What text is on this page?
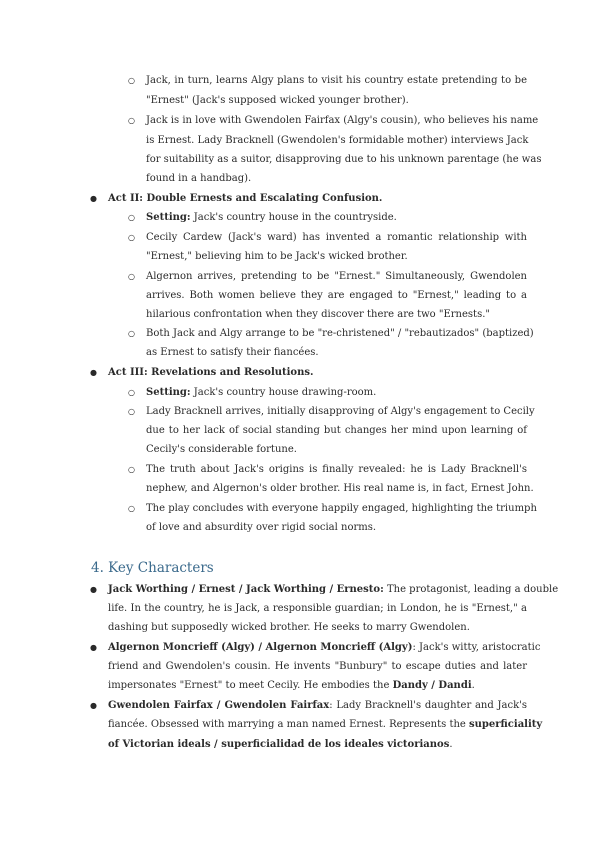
○ Jack, in turn, learns Algy plans to visit his country estate pretending to be
"Ernest" (Jack's supposed wicked younger brother).
○ Jack is in love with Gwendolen Fairfax (Algy's cousin), who believes his name
is Ernest. Lady Bracknell (Gwendolen's formidable mother) interviews Jack
for suitability as a suitor, disapproving due to his unknown parentage (he was
found in a handbag).
● Act II: Double Ernests and Escalating Confusion.
○ Setting: Jack's country house in the countryside.
○ Cecily Cardew (Jack's ward) has invented a romantic relationship with
"Ernest," believing him to be Jack's wicked brother.
○ Algernon arrives, pretending to be "Ernest." Simultaneously, Gwendolen
arrives. Both women believe they are engaged to "Ernest," leading to a
hilarious confrontation when they discover there are two "Ernests."
○ Both Jack and Algy arrange to be "re-christened" / "rebautizados" (baptized)
as Ernest to satisfy their fiancées.
● Act III: Revelations and Resolutions.
○ Setting: Jack's country house drawing-room.
○ Lady Bracknell arrives, initially disapproving of Algy's engagement to Cecily
due to her lack of social standing but changes her mind upon learning of
Cecily's considerable fortune.
○ The truth about Jack's origins is finally revealed: he is Lady Bracknell's
nephew, and Algernon's older brother. His real name is, in fact, Ernest John.
○ The play concludes with everyone happily engaged, highlighting the triumph
of love and absurdity over rigid social norms.
4. Key Characters
● Jack Worthing / Ernest / Jack Worthing / Ernesto: The protagonist, leading a double
life. In the country, he is Jack, a responsible guardian; in London, he is "Ernest," a
dashing but supposedly wicked brother. He seeks to marry Gwendolen.
● Algernon Moncrieff (Algy) / Algernon Moncrieff (Algy): Jack's witty, aristocratic
friend and Gwendolen's cousin. He invents "Bunbury" to escape duties and later
impersonates "Ernest" to meet Cecily. He embodies the Dandy / Dandi.
● Gwendolen Fairfax / Gwendolen Fairfax: Lady Bracknell's daughter and Jack's
fiancée. Obsessed with marrying a man named Ernest. Represents the superficiality
of Victorian ideals / superficialidad de los ideales victorianos.
